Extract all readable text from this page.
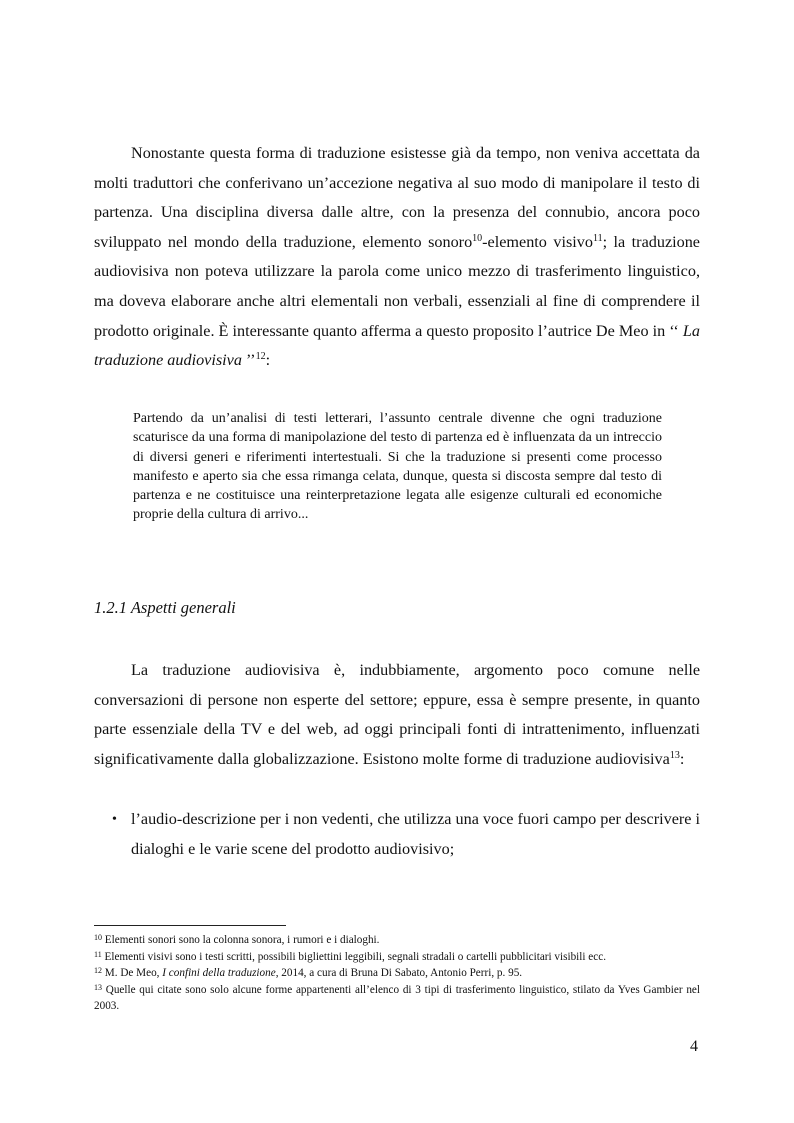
Nonostante questa forma di traduzione esistesse già da tempo, non veniva accettata da molti traduttori che conferivano un’accezione negativa al suo modo di manipolare il testo di partenza. Una disciplina diversa dalle altre, con la presenza del connubio, ancora poco sviluppato nel mondo della traduzione, elemento sonoro$^{10}$-elemento visivo$^{11}$; la traduzione audiovisiva non poteva utilizzare la parola come unico mezzo di trasferimento linguistico, ma doveva elaborare anche altri elementali non verbali, essenziali al fine di comprendere il prodotto originale. È interessante quanto afferma a questo proposito l’autrice De Meo in ‘‘ La traduzione audiovisiva ’’$^{12}$:

Partendo da un’analisi di testi letterari, l’assunto centrale divenne che ogni traduzione scaturisce da una forma di manipolazione del testo di partenza ed è influenzata da un intreccio di diversi generi e riferimenti intertestuali. Si che la traduzione si presenti come processo manifesto e aperto sia che essa rimanga celata, dunque, questa si discosta sempre dal testo di partenza e ne costituisce una reinterpretazione legata alle esigenze culturali ed economiche proprie della cultura di arrivo...

1.2.1 Aspetti generali

La traduzione audiovisiva è, indubbiamente, argomento poco comune nelle conversazioni di persone non esperte del settore; eppure, essa è sempre presente, in quanto parte essenziale della TV e del web, ad oggi principali fonti di intrattenimento, influenzati significativamente dalla globalizzazione. Esistono molte forme di traduzione audiovisiva$^{13}$:

• l’audio-descrizione per i non vedenti, che utilizza una voce fuori campo per descrivere i dialoghi e le varie scene del prodotto audiovisivo;

$^{10}$ Elementi sonori sono la colonna sonora, i rumori e i dialoghi.

$^{11}$ Elementi visivi sono i testi scritti, possibili bigliettini leggibili, segnali stradali o cartelli pubblicitari visibili ecc.

$^{12}$ M. De Meo, I confini della traduzione, 2014, a cura di Bruna Di Sabato, Antonio Perri, p. 95.

$^{13}$ Quelle qui citate sono solo alcune forme appartenenti all’elenco di 3 tipi di trasferimento linguistico, stilato da Yves Gambier nel 2003.

4
